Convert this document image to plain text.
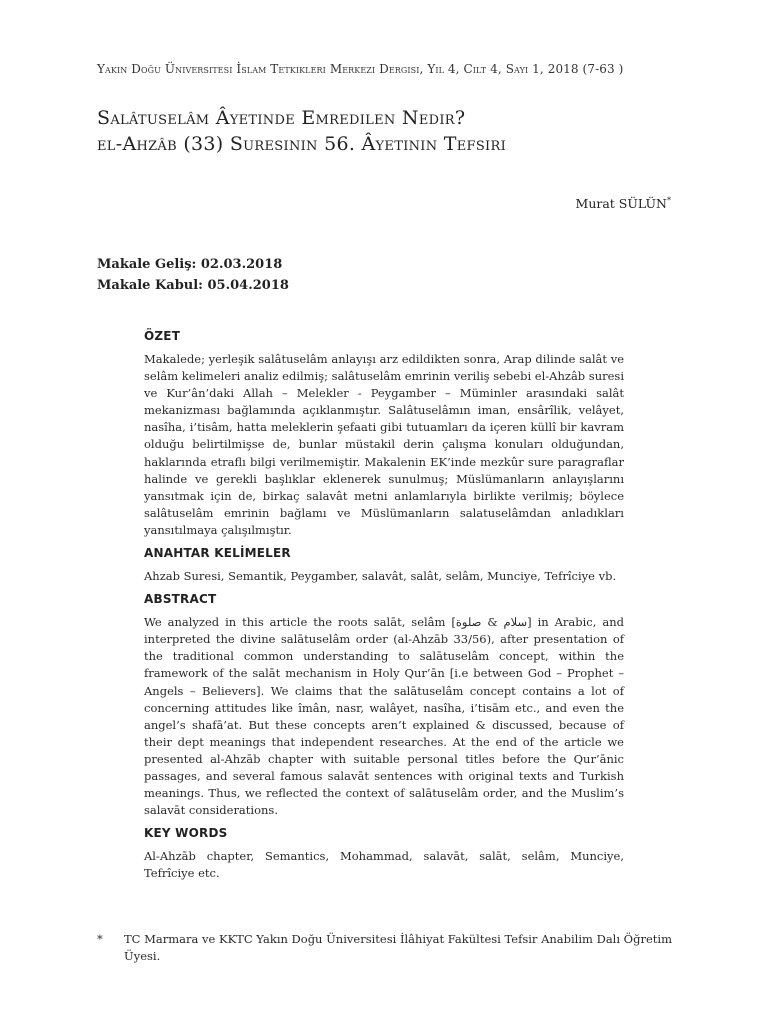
Yakın Doğu Üniversitesi İslam Tetkikleri Merkezi Dergisi, Yıl 4, Cilt 4, Sayı 1, 2018 (7-63 )
Salâtuselâm Âyetinde Emredilen Nedir?
el-Ahzâb (33) Suresinin 56. Âyetinin Tefsiri
Murat SÜLÜN*
Makale Geliş: 02.03.2018
Makale Kabul: 05.04.2018
ÖZET

Makalede; yerleşik salâtuselâm anlayışı arz edildikten sonra, Arap dilinde salât ve selâm kelimeleri analiz edilmiş; salâtuselâm emrinin veriliş sebebi el-Ahzâb suresi ve Kur’ân’daki Allah – Melekler - Peygamber – Müminler arasındaki salât mekanizması bağlamında açıklanmıştır. Salâtuselâmın iman, ensârîlik, velâyet, nasîha, i’tisâm, hatta meleklerin şefaati gibi tutuamları da içeren küllî bir kavram olduğu belirtilmişse de, bunlar müstakil derin çalışma konuları olduğundan, haklarında etraflı bilgi verilmemiştir. Makalenin EK’inde mezkûr sure paragraflar halinde ve gerekli başlıklar eklenerek sunulmuş; Müslümanların anlayışlarını yansıtmak için de, birkaç salavât metni anlamlarıyla birlikte verilmiş; böylece salâtuselâm emrinin bağlamı ve Müslümanların salatuselâmdan anladıkları yansıtılmaya çalışılmıştır.

ANAHTAR KELİMELER

Ahzab Suresi, Semantik, Peygamber, salavât, salât, selâm, Munciye, Tefrîciye vb.

ABSTRACT

We analyzed in this article the roots salāt, selâm [سلام & صلوة] in Arabic, and interpreted the divine salātuselâm order (al-Ahzāb 33/56), after presentation of the traditional common understanding to salātuselâm concept, within the framework of the salāt mechanism in Holy Qur’ān [i.e between God – Prophet – Angels – Believers]. We claims that the salātuselâm concept contains a lot of concerning attitudes like îmân, nasr, walâyet, nasîha, i’tisām etc., and even the angel’s shafā’at. But these concepts aren’t explained & discussed, because of their dept meanings that independent researches. At the end of the article we presented al-Ahzāb chapter with suitable personal titles before the Qur’ānic passages, and several famous salavāt sentences with original texts and Turkish meanings. Thus, we reflected the context of salātuselâm order, and the Muslim’s salavāt considerations.

KEY WORDS

Al-Ahzāb chapter, Semantics, Mohammad, salavāt, salāt, selâm, Munciye, Tefrîciye etc.

*	TC Marmara ve KKTC Yakın Doğu Üniversitesi İlâhiyat Fakültesi Tefsir Anabilim Dalı Öğretim Üyesi.
